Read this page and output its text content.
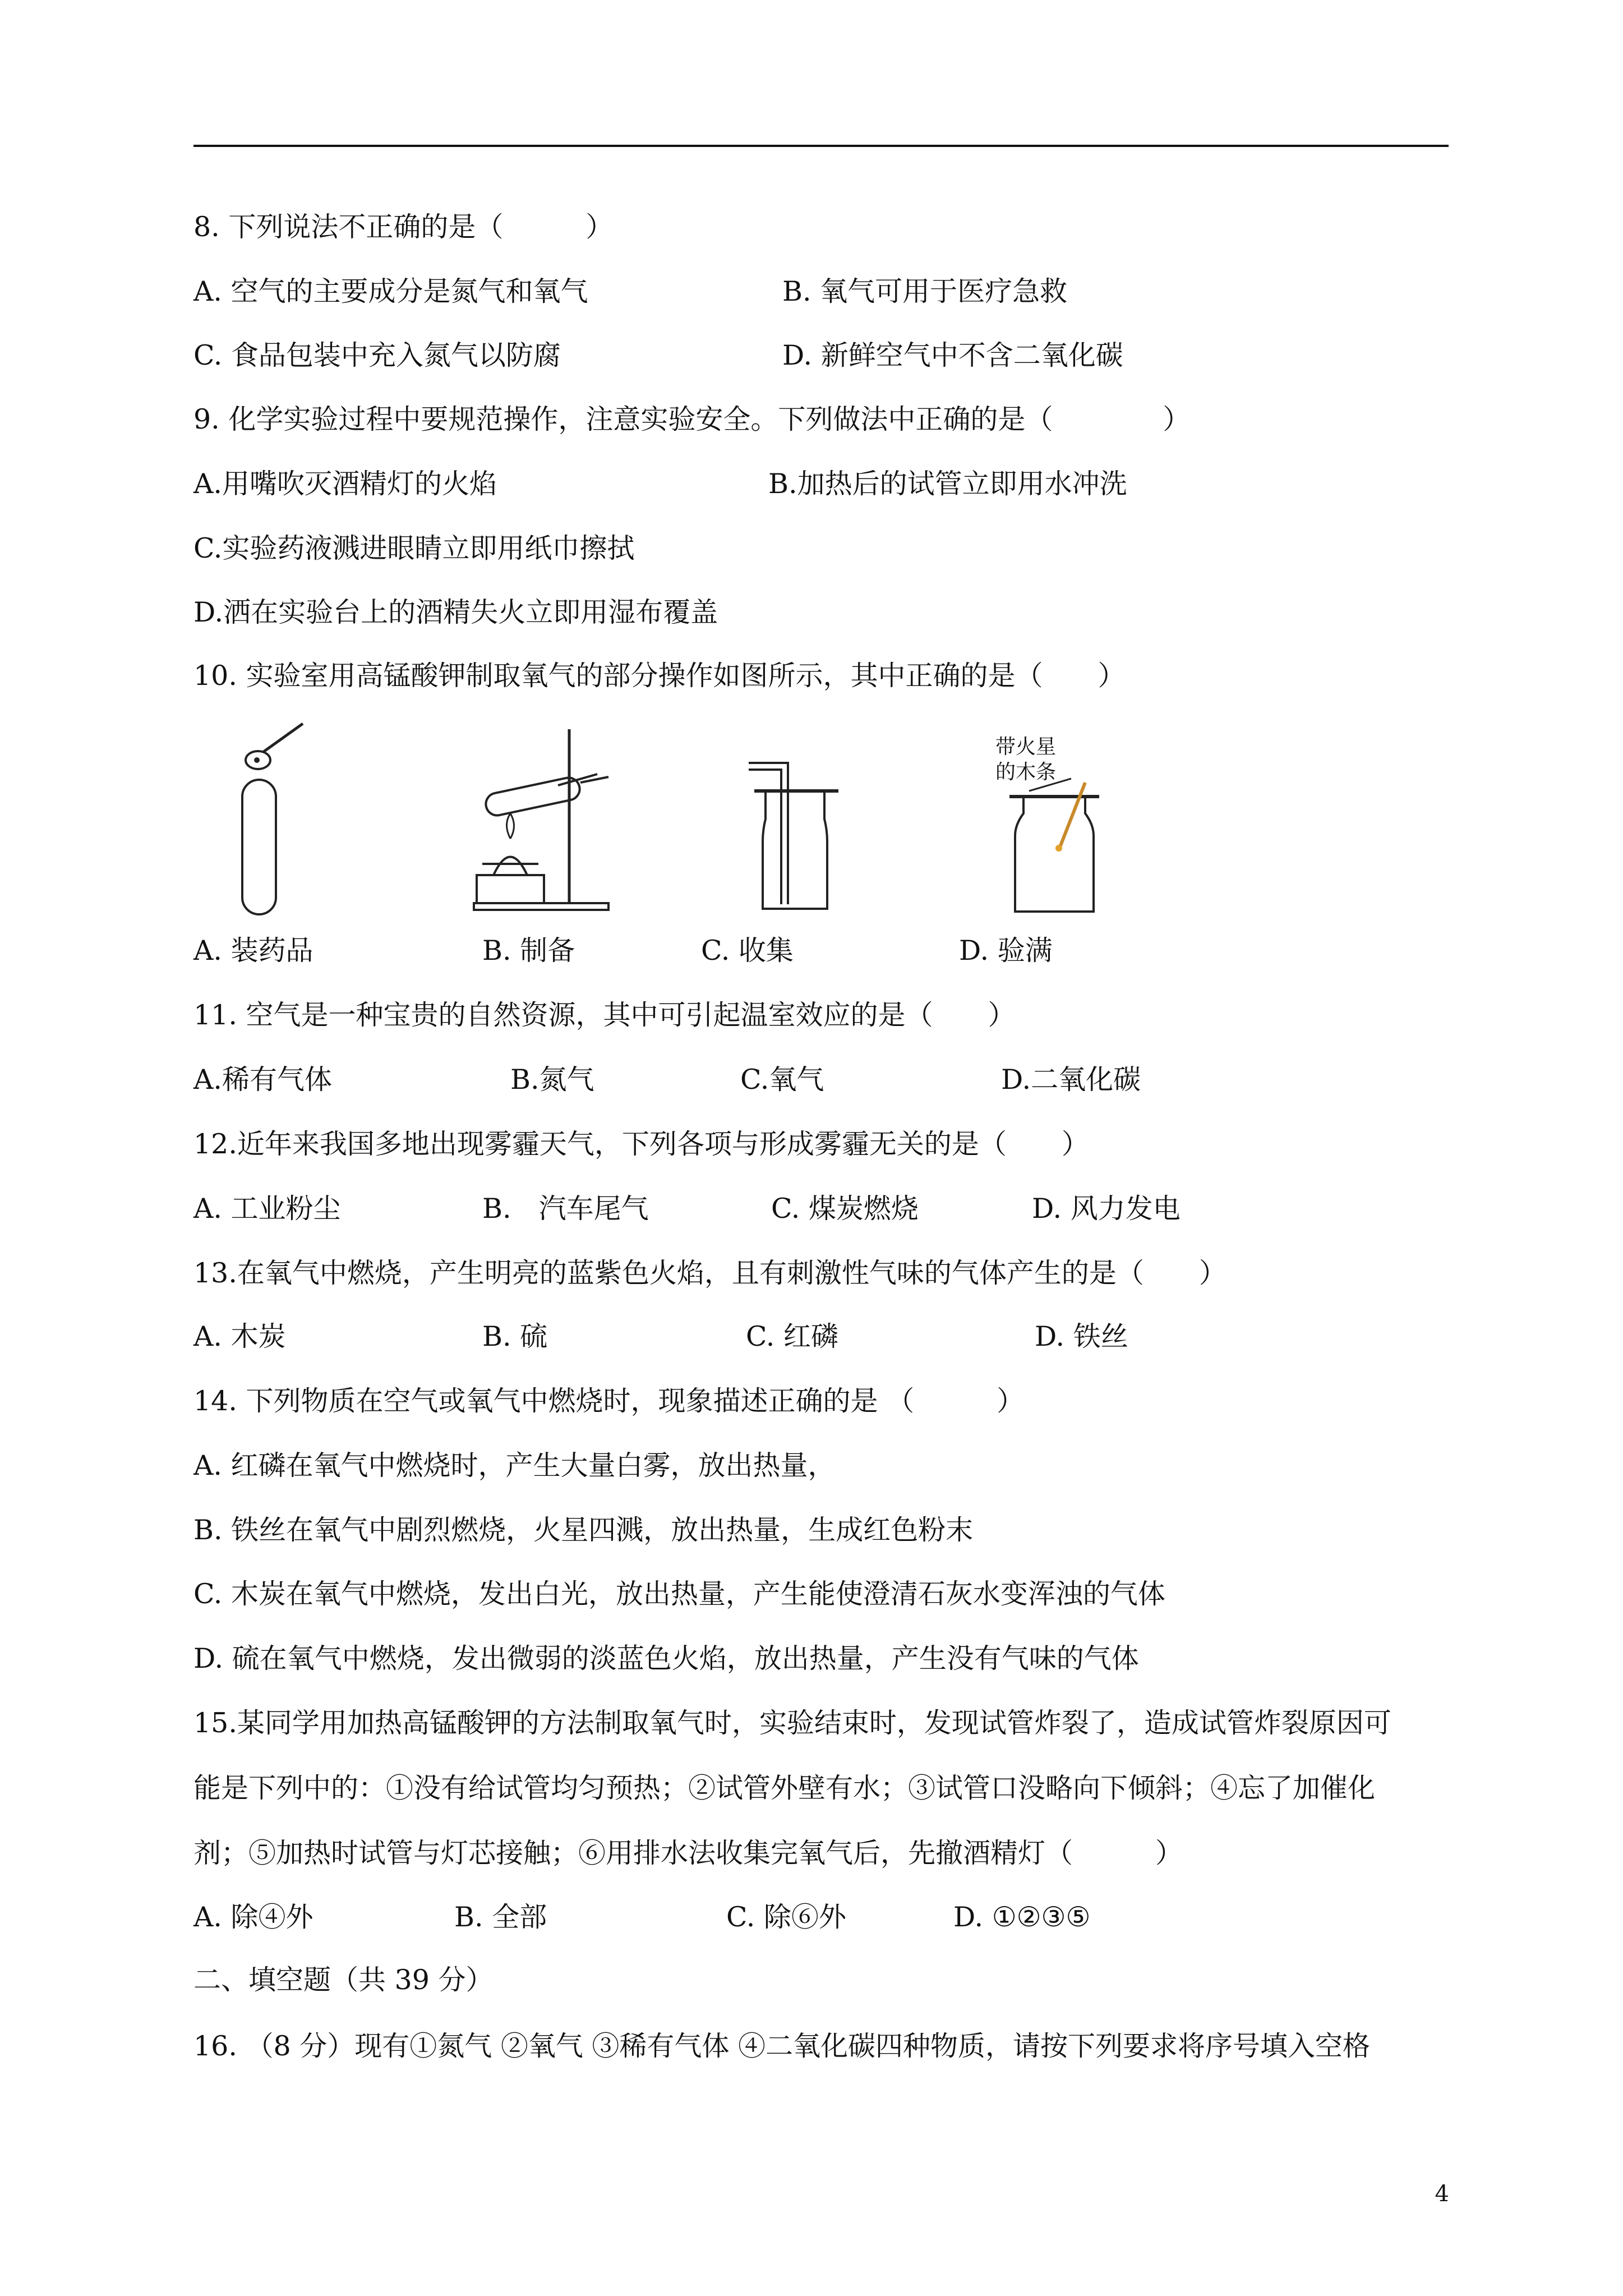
8. 下列说法不正确的是（　　　）
A. 空气的主要成分是氮气和氧气	B. 氧气可用于医疗急救
C. 食品包装中充入氮气以防腐	D. 新鲜空气中不含二氧化碳
9. 化学实验过程中要规范操作，注意实验安全。下列做法中正确的是（　　　　）
A.用嘴吹灭酒精灯的火焰	B.加热后的试管立即用水冲洗
C.实验药液溅进眼睛立即用纸巾擦拭
D.洒在实验台上的酒精失火立即用湿布覆盖
10. 实验室用高锰酸钾制取氧气的部分操作如图所示，其中正确的是（　　）
带火星
的木条
A. 装药品	B. 制备	C. 收集	D. 验满
11. 空气是一种宝贵的自然资源，其中可引起温室效应的是（　　）
A.稀有气体	B.氮气	C.氧气	D.二氧化碳
12.近年来我国多地出现雾霾天气，下列各项与形成雾霾无关的是（　　）
A. 工业粉尘	B.　汽车尾气	C. 煤炭燃烧	D. 风力发电
13.在氧气中燃烧，产生明亮的蓝紫色火焰，且有刺激性气味的气体产生的是（　　）
A. 木炭	B. 硫	C. 红磷	D. 铁丝
14. 下列物质在空气或氧气中燃烧时，现象描述正确的是 （　　　）
A. 红磷在氧气中燃烧时，产生大量白雾，放出热量，
B. 铁丝在氧气中剧烈燃烧，火星四溅，放出热量，生成红色粉末
C. 木炭在氧气中燃烧，发出白光，放出热量，产生能使澄清石灰水变浑浊的气体
D. 硫在氧气中燃烧，发出微弱的淡蓝色火焰，放出热量，产生没有气味的气体
15.某同学用加热高锰酸钾的方法制取氧气时，实验结束时，发现试管炸裂了，造成试管炸裂原因可
能是下列中的：①没有给试管均匀预热；②试管外壁有水；③试管口没略向下倾斜；④忘了加催化
剂；⑤加热时试管与灯芯接触；⑥用排水法收集完氧气后，先撤酒精灯（　　　）
A. 除④外	B. 全部	C. 除⑥外	D. ①②③⑤
二、填空题（共 39 分）
16. （8 分）现有①氮气 ②氧气 ③稀有气体 ④二氧化碳四种物质，请按下列要求将序号填入空格
4
